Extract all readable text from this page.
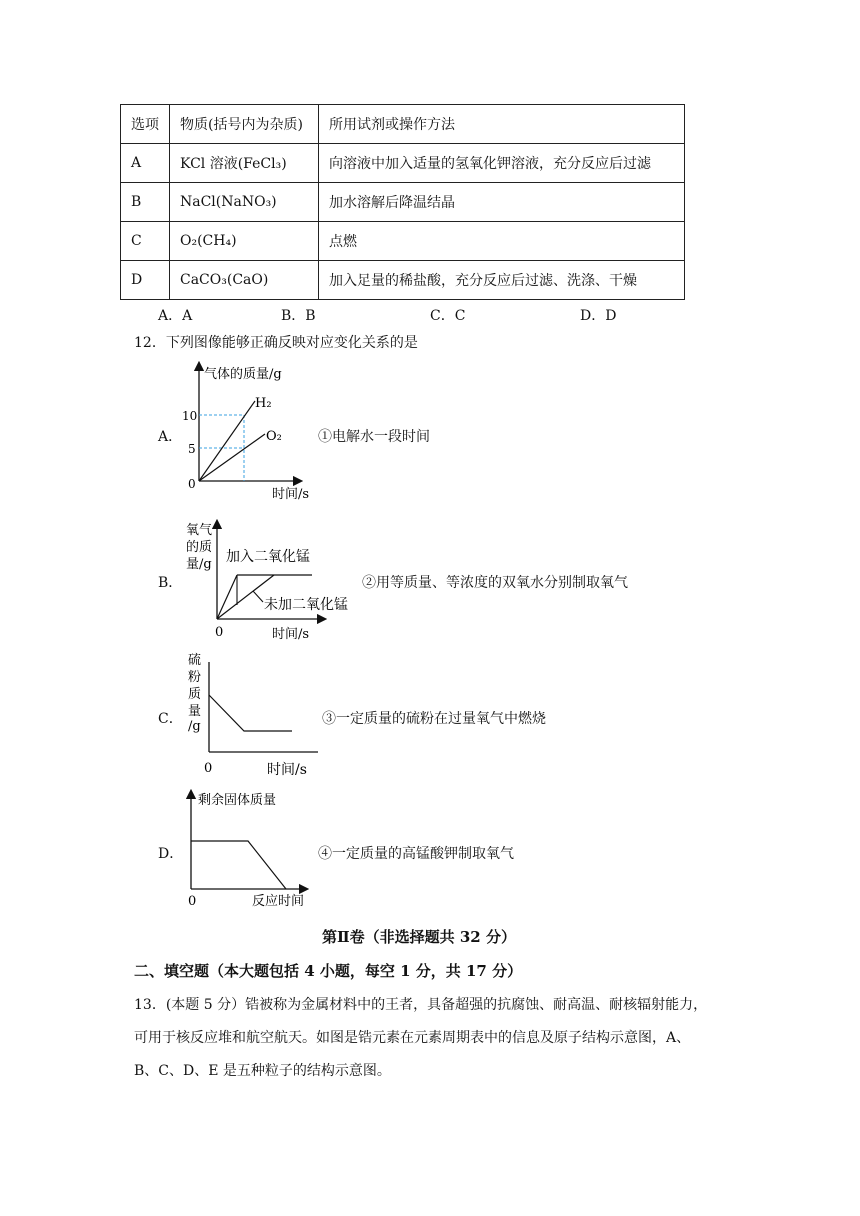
选项	物质(括号内为杂质)	所用试剂或操作方法
A	KCl 溶液(FeCl₃)	向溶液中加入适量的氢氧化钾溶液，充分反应后过滤
B	NaCl(NaNO₃)	加水溶解后降温结晶
C	O₂(CH₄)	点燃
D	CaCO₃(CaO)	加入足量的稀盐酸，充分反应后过滤、洗涤、干燥
A．A	B．B	C．C	D．D
12．下列图像能够正确反映对应变化关系的是
A．
气体的质量/g
10
5
0
H₂
O₂
时间/s
①电解水一段时间
B．
氧气
的质
量/g
0
加入二氧化锰
未加二氧化锰
时间/s
②用等质量、等浓度的双氧水分别制取氧气
C．
硫
粉
质
量
/g
0	时间/s
③一定质量的硫粉在过量氧气中燃烧
D．
剩余固体质量
0	反应时间
④一定质量的高锰酸钾制取氧气
第Ⅱ卷（非选择题共 32 分）
二、填空题（本大题包括 4 小题，每空 1 分，共 17 分）
13．(本题 5 分）锆被称为金属材料中的王者，具备超强的抗腐蚀、耐高温、耐核辐射能力，
可用于核反应堆和航空航天。如图是锆元素在元素周期表中的信息及原子结构示意图，A、
B、C、D、E 是五种粒子的结构示意图。
